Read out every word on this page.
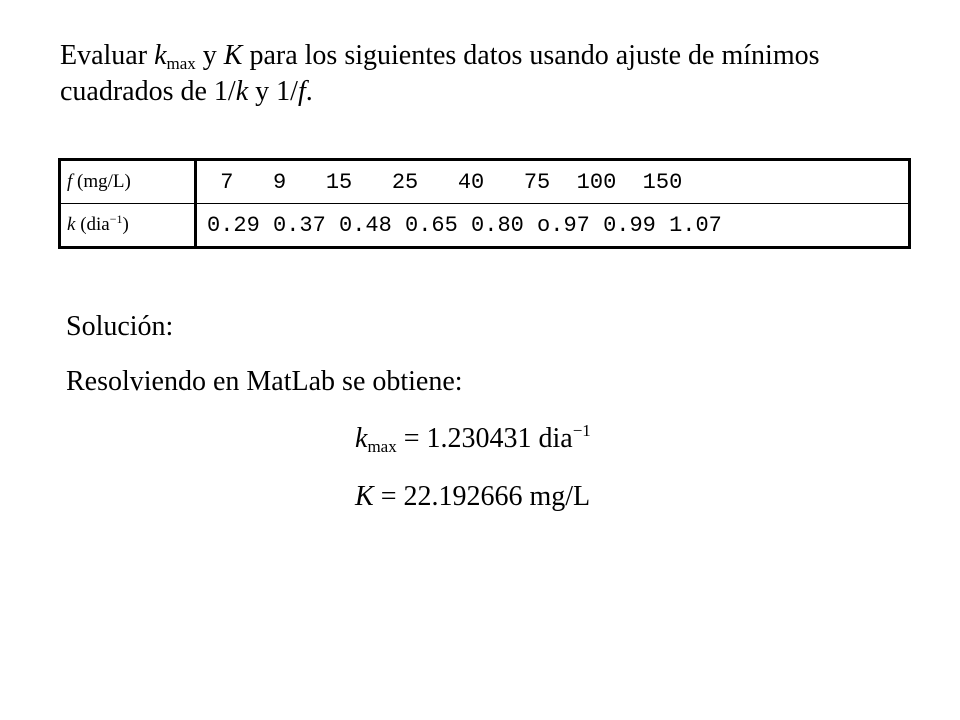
Evaluar $k_{max}$ y K para los siguientes datos usando ajuste de mínimos cuadrados de 1/k y 1/f.

f (mg/L)	7   9   15   25   40   75  100  150
k (dia$^{-1}$)	0.29 0.37 0.48 0.65 0.80 o.97 0.99 1.07

Solución:

Resolviendo en MatLab se obtiene:

$k_{max} = 1.230431$ dia$^{-1}$

K = 22.192666 mg/L
